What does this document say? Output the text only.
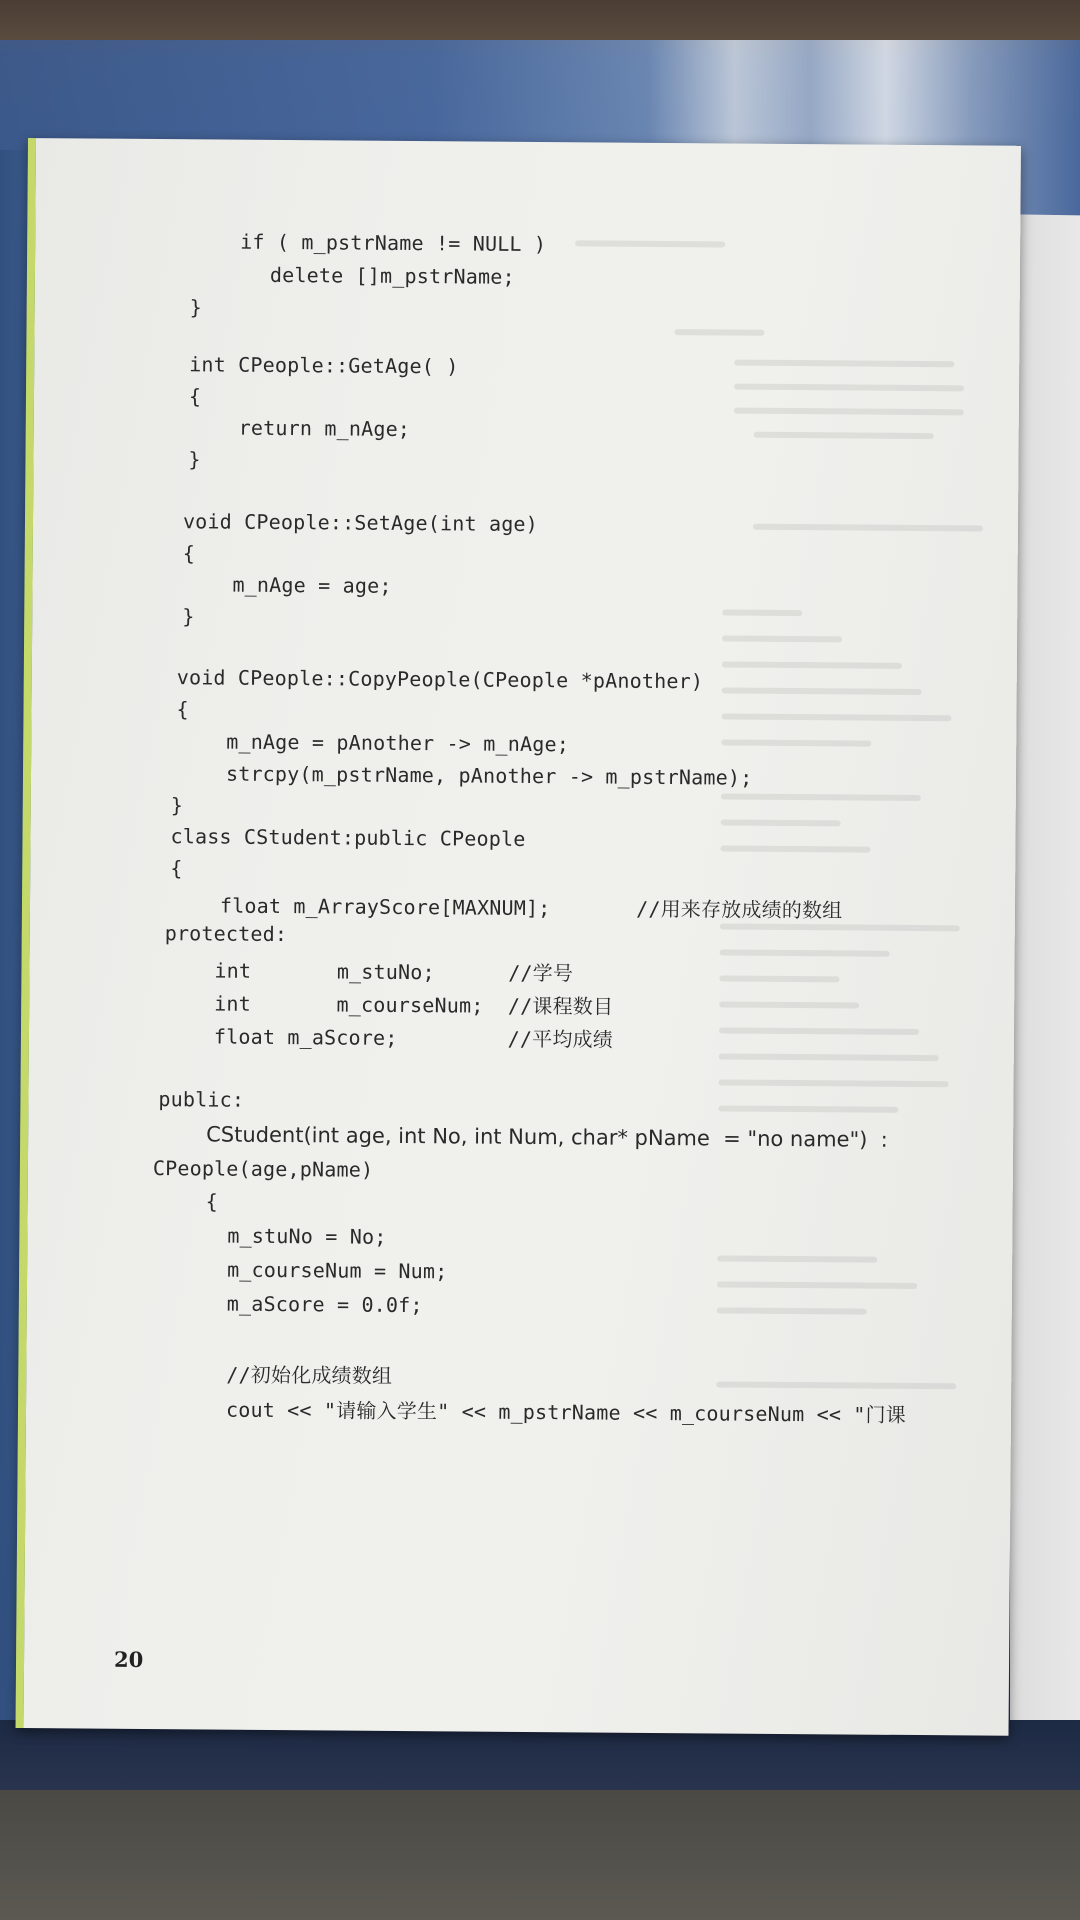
if ( m_pstrName != NULL )
delete []m_pstrName;
}
int CPeople::GetAge( )
{
return m_nAge;
}
void CPeople::SetAge(int age)
{
m_nAge = age;
}
void CPeople::CopyPeople(CPeople *pAnother)
{
m_nAge = pAnother -> m_nAge;
strcpy(m_pstrName, pAnother -> m_pstrName);
}
class CStudent:public CPeople
{
float m_ArrayScore[MAXNUM];       //用来存放成绩的数组
protected:
int       m_stuNo;      //学号
int       m_courseNum;  //课程数目
float m_aScore;         //平均成绩
public:
CStudent(int age, int No, int Num, char* pName  = "no name")  :
CPeople(age,pName)
{
m_stuNo = No;
m_courseNum = Num;
m_aScore = 0.0f;
//初始化成绩数组
cout << "请输入学生" << m_pstrName << m_courseNum << "门课
20
